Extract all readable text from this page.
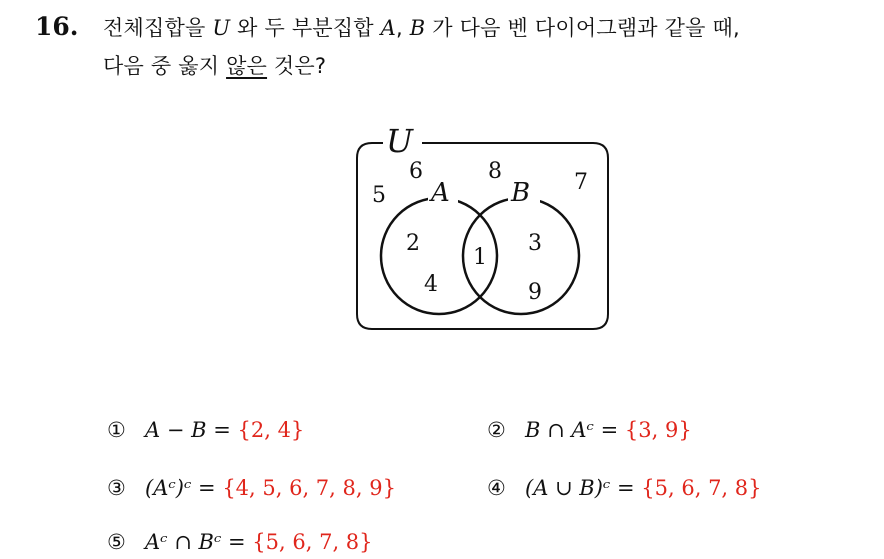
16. 전체집합을 U 와 두 부분집합 A, B 가 다음 벤 다이어그램과 같을 때,
다음 중 옳지 않은 것은?
U
A B
5
6	8	7
2
4
1
3
9
① A − B = {2, 4}	② B ∩ Aᶜ = {3, 9}
③ (Aᶜ)ᶜ = {4, 5, 6, 7, 8, 9}	④ (A ∪ B)ᶜ = {5, 6, 7, 8}
⑤ Aᶜ ∩ Bᶜ = {5, 6, 7, 8}
